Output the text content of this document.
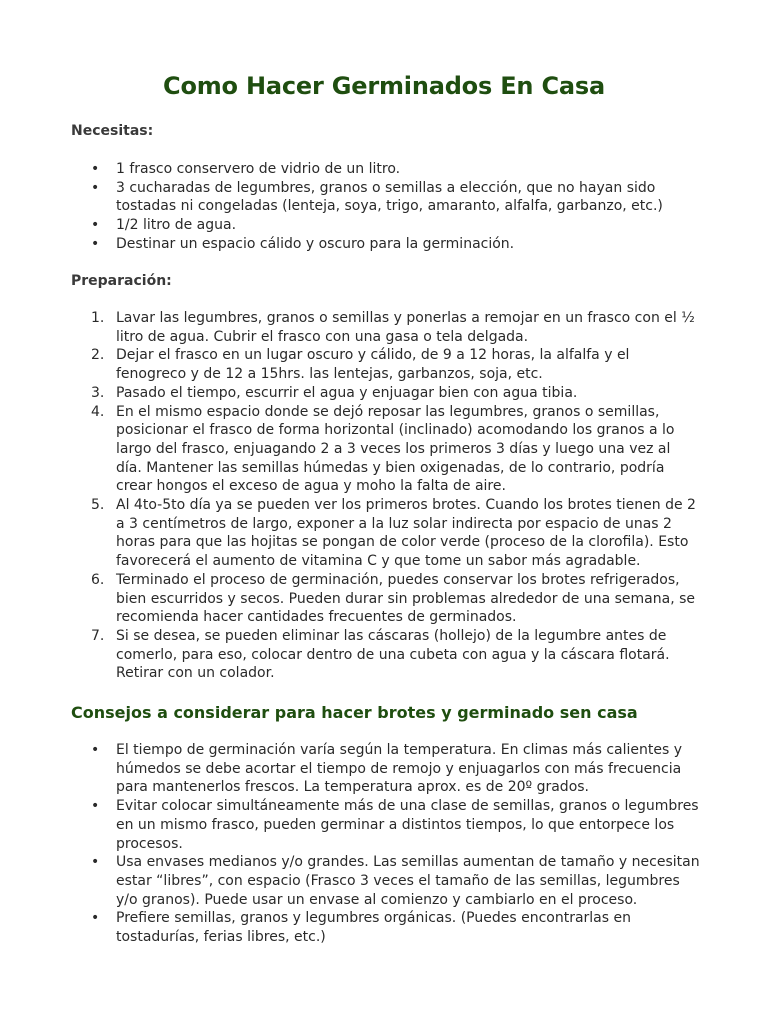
Como Hacer Germinados En Casa

Necesitas:

• 1 frasco conservero de vidrio de un litro.
• 3 cucharadas de legumbres, granos o semillas a elección, que no hayan sido tostadas ni congeladas (lenteja, soya, trigo, amaranto, alfalfa, garbanzo, etc.)
• 1/2 litro de agua.
• Destinar un espacio cálido y oscuro para la germinación.

Preparación:

1. Lavar las legumbres, granos o semillas y ponerlas a remojar en un frasco con el ½ litro de agua. Cubrir el frasco con una gasa o tela delgada.
2. Dejar el frasco en un lugar oscuro y cálido, de 9 a 12 horas, la alfalfa y el fenogreco y de 12 a 15hrs. las lentejas, garbanzos, soja, etc.
3. Pasado el tiempo, escurrir el agua y enjuagar bien con agua tibia.
4. En el mismo espacio donde se dejó reposar las legumbres, granos o semillas, posicionar el frasco de forma horizontal (inclinado) acomodando los granos a lo largo del frasco, enjuagando 2 a 3 veces los primeros 3 días y luego una vez al día. Mantener las semillas húmedas y bien oxigenadas, de lo contrario, podría crear hongos el exceso de agua y moho la falta de aire.
5. Al 4to-5to día ya se pueden ver los primeros brotes. Cuando los brotes tienen de 2 a 3 centímetros de largo, exponer a la luz solar indirecta por espacio de unas 2 horas para que las hojitas se pongan de color verde (proceso de la clorofila). Esto favorecerá el aumento de vitamina C y que tome un sabor más agradable.
6. Terminado el proceso de germinación, puedes conservar los brotes refrigerados, bien escurridos y secos. Pueden durar sin problemas alrededor de una semana, se recomienda hacer cantidades frecuentes de germinados.
7. Si se desea, se pueden eliminar las cáscaras (hollejo) de la legumbre antes de comerlo, para eso, colocar dentro de una cubeta con agua y la cáscara flotará. Retirar con un colador.
Consejos a considerar para hacer brotes y germinado sen casa
• El tiempo de germinación varía según la temperatura. En climas más calientes y húmedos se debe acortar el tiempo de remojo y enjuagarlos con más frecuencia para mantenerlos frescos. La temperatura aprox. es de 20º grados.
• Evitar colocar simultáneamente más de una clase de semillas, granos o legumbres en un mismo frasco, pueden germinar a distintos tiempos, lo que entorpece los procesos.
• Usa envases medianos y/o grandes. Las semillas aumentan de tamaño y necesitan estar “libres”, con espacio (Frasco 3 veces el tamaño de las semillas, legumbres y/o granos). Puede usar un envase al comienzo y cambiarlo en el proceso.
• Prefiere semillas, granos y legumbres orgánicas. (Puedes encontrarlas en tostadurías, ferias libres, etc.)
